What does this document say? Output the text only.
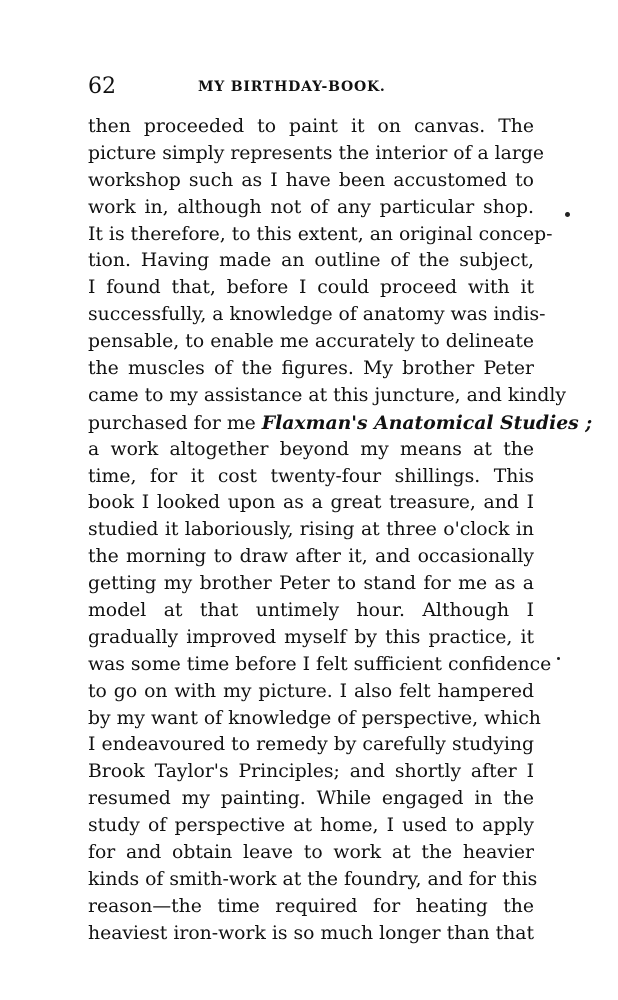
62	MY BIRTHDAY-BOOK.
then proceeded to paint it on canvas. The
picture simply represents the interior of a large
workshop such as I have been accustomed to
work in, although not of any particular shop.
It is therefore, to this extent, an original concep-
tion. Having made an outline of the subject,
I found that, before I could proceed with it
successfully, a knowledge of anatomy was indis-
pensable, to enable me accurately to delineate
the muscles of the figures. My brother Peter
came to my assistance at this juncture, and kindly
purchased for me Flaxman's Anatomical Studies ;
a work altogether beyond my means at the
time, for it cost twenty-four shillings. This
book I looked upon as a great treasure, and I
studied it laboriously, rising at three o'clock in
the morning to draw after it, and occasionally
getting my brother Peter to stand for me as a
model at that untimely hour. Although I
gradually improved myself by this practice, it
was some time before I felt sufficient confidence
to go on with my picture. I also felt hampered
by my want of knowledge of perspective, which
I endeavoured to remedy by carefully studying
Brook Taylor's Principles; and shortly after I
resumed my painting. While engaged in the
study of perspective at home, I used to apply
for and obtain leave to work at the heavier
kinds of smith-work at the foundry, and for this
reason—the time required for heating the
heaviest iron-work is so much longer than that
